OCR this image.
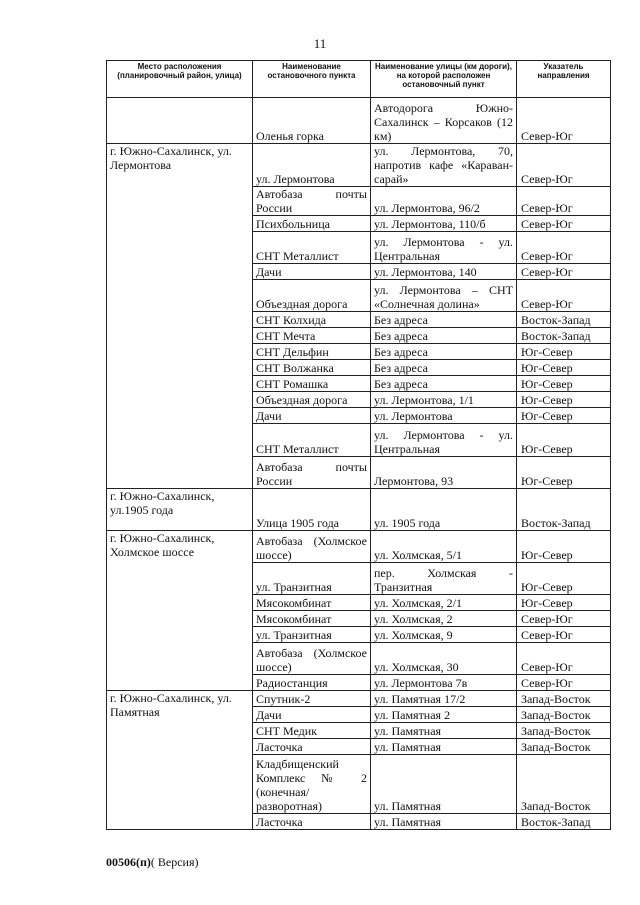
11
Место расположения (планировочный район, улица)	Наименование остановочного пункта	Наименование улицы (км дороги), на которой расположен остановочный пункт	Указатель направления
	Оленья горка	Автодорога Южно-Сахалинск – Корсаков (12 км)	Север-Юг
г. Южно-Сахалинск, ул. Лермонтова	ул. Лермонтова	ул. Лермонтова, 70, напротив кафе «Караван-сарай»	Север-Юг
	Автобаза почты России	ул. Лермонтова, 96/2	Север-Юг
	Психбольница	ул. Лермонтова, 110/б	Север-Юг
	СНТ Металлист	ул. Лермонтова - ул. Центральная	Север-Юг
	Дачи	ул. Лермонтова, 140	Север-Юг
	Объездная дорога	ул. Лермонтова – СНТ «Солнечная долина»	Север-Юг
	СНТ Колхида	Без адреса	Восток-Запад
	СНТ Мечта	Без адреса	Восток-Запад
	СНТ Дельфин	Без адреса	Юг-Север
	СНТ Волжанка	Без адреса	Юг-Север
	СНТ Ромашка	Без адреса	Юг-Север
	Объездная дорога	ул. Лермонтова, 1/1	Юг-Север
	Дачи	ул. Лермонтова	Юг-Север
	СНТ Металлист	ул. Лермонтова - ул. Центральная	Юг-Север
	Автобаза почты России	Лермонтова, 93	Юг-Север
г. Южно-Сахалинск, ул.1905 года	Улица 1905 года	ул. 1905 года	Восток-Запад
г. Южно-Сахалинск, Холмское шоссе	Автобаза (Холмское шоссе)	ул. Холмская, 5/1	Юг-Север
	ул. Транзитная	пер. Холмская - Транзитная	Юг-Север
	Мясокомбинат	ул. Холмская, 2/1	Юг-Север
	Мясокомбинат	ул. Холмская, 2	Север-Юг
	ул. Транзитная	ул. Холмская, 9	Север-Юг
	Автобаза (Холмское шоссе)	ул. Холмская, 30	Север-Юг
	Радиостанция	ул. Лермонтова 7в	Север-Юг
г. Южно-Сахалинск, ул. Памятная	Спутник-2	ул. Памятная 17/2	Запад-Восток
	Дачи	ул. Памятная 2	Запад-Восток
	СНТ Медик	ул. Памятная	Запад-Восток
	Ласточка	ул. Памятная	Запад-Восток
	Кладбищенский Комплекс № 2 (конечная/ разворотная)	ул. Памятная	Запад-Восток
	Ласточка	ул. Памятная	Восток-Запад
00506(п)( Версия)
